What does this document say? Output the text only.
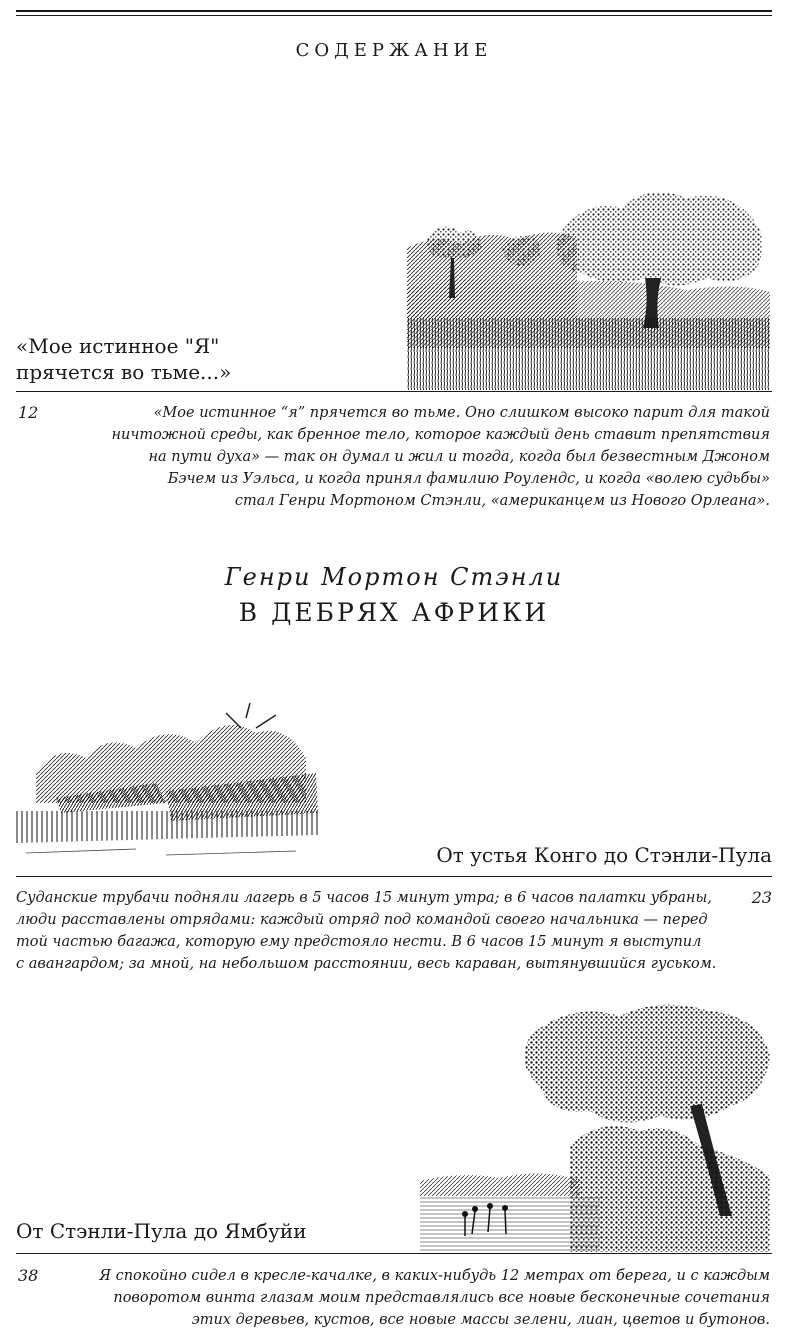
СОДЕРЖАНИЕ
«Мое истинное "Я"
прячется во тьме...»
12	«Мое истинное “я” прячется во тьме. Оно слишком высоко парит для такой
ничтожной среды, как бренное тело, которое каждый день ставит препятствия
на пути духа» — так он думал и жил и тогда, когда был безвестным Джоном
Бэчем из Уэльса, и когда принял фамилию Роулендс, и когда «волею судьбы»
стал Генри Мортоном Стэнли, «американцем из Нового Орлеана».
Генри Мортон Стэнли
В ДЕБРЯХ АФРИКИ
От устья Конго до Стэнли-Пула
23
Суданские трубачи подняли лагерь в 5 часов 15 минут утра; в 6 часов палатки убраны,
люди расставлены отрядами: каждый отряд под командой своего начальника — перед
той частью багажа, которую ему предстояло нести. В 6 часов 15 минут я выступил
с авангардом; за мной, на небольшом расстоянии, весь караван, вытянувшийся гуськом.
От Стэнли-Пула до Ямбуйи
38	Я спокойно сидел в кресле-качалке, в каких-нибудь 12 метрах от берега, и с каждым
поворотом винта глазам моим представлялись все новые бесконечные сочетания
этих деревьев, кустов, все новые массы зелени, лиан, цветов и бутонов.
